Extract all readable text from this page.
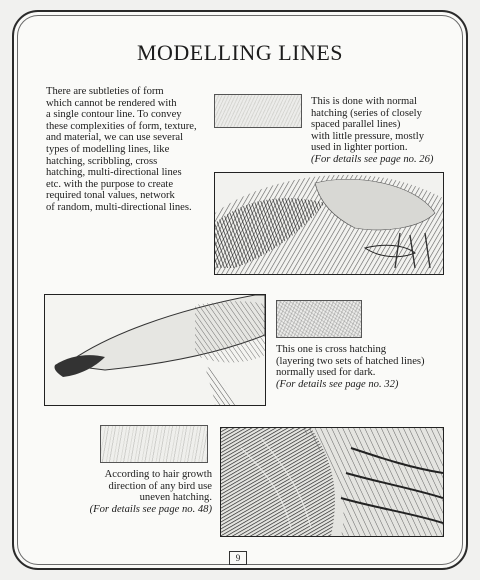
MODELLING LINES
There are subtleties of form
which cannot be rendered with
a single contour line. To convey
these complexities of form, texture,
and material, we can use several
types of modelling lines, like
hatching, scribbling, cross
hatching, multi-directional lines
etc. with the purpose to create
required tonal values, network
of random, multi-directional lines.
This is done with normal
hatching (series of closely
spaced parallel lines)
with little pressure, mostly
used in lighter portion.
(For details see page no. 26)
This one is cross hatching
(layering two sets of hatched lines)
normally used for dark.
(For details see page no. 32)
According to hair growth
direction of any bird use
uneven hatching.
(For details see page no. 48)
9
